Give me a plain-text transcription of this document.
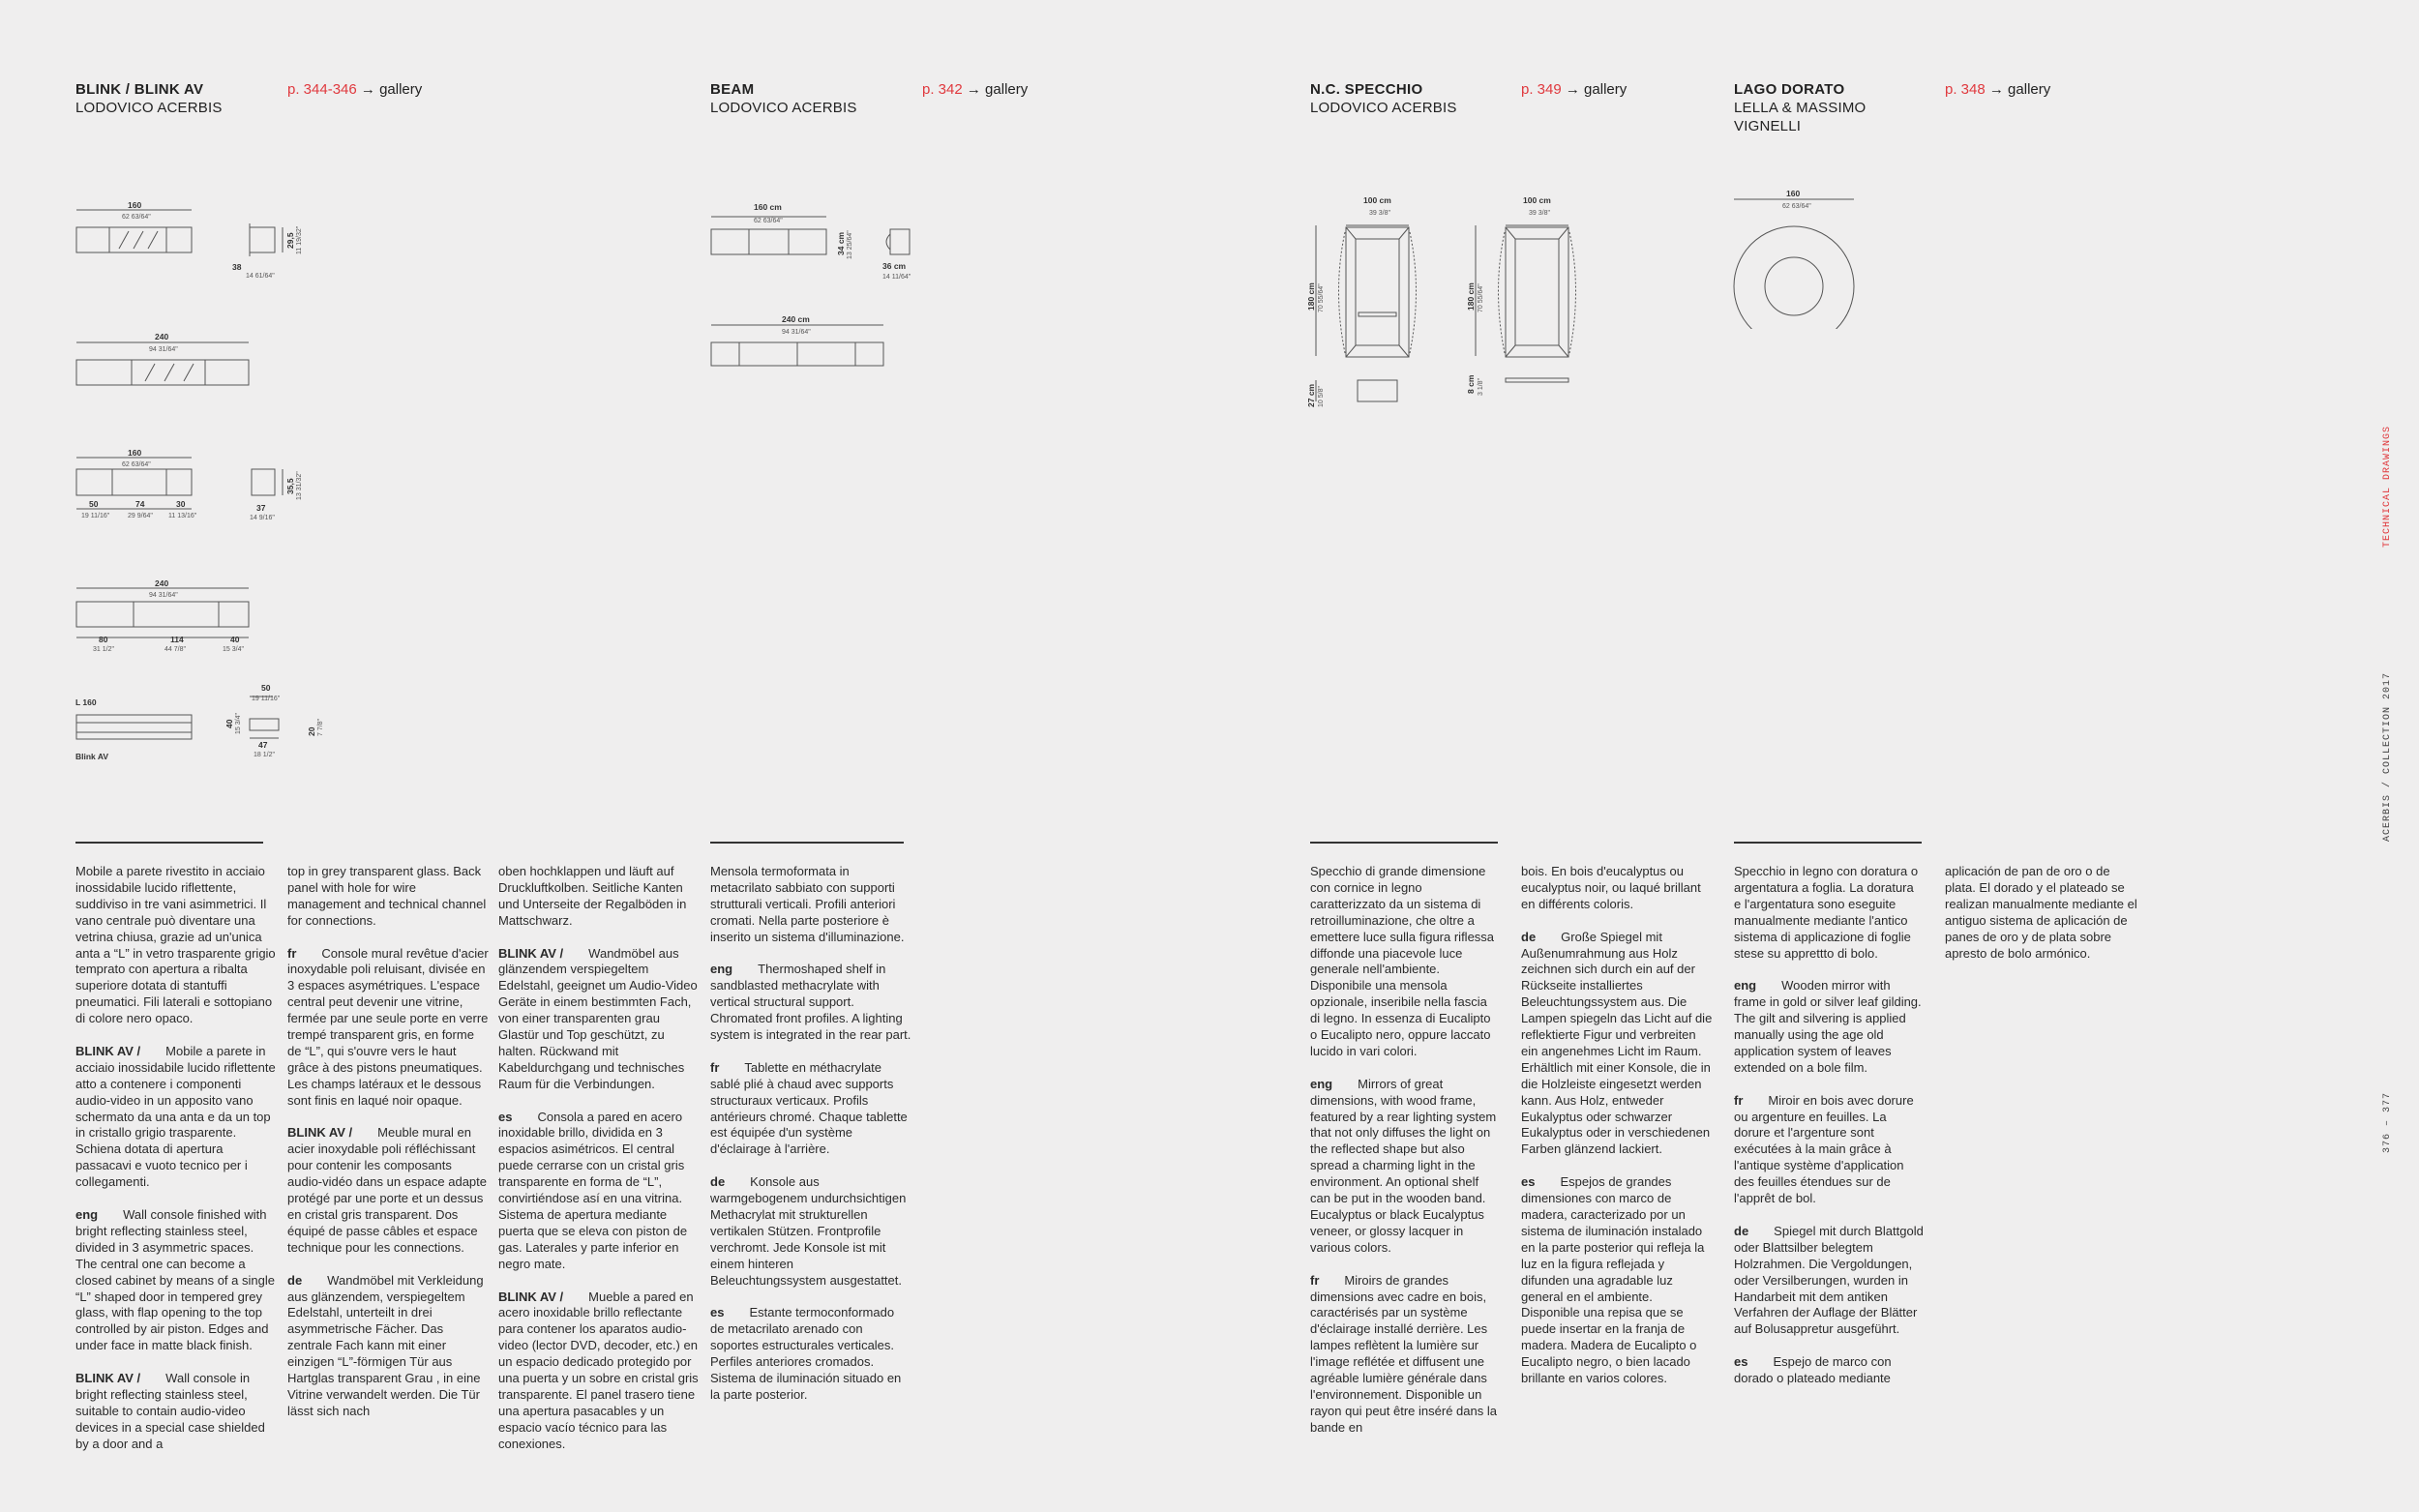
BLINK / BLINK AV
LODOVICO ACERBIS
p. 344-346 → gallery	BEAM
LODOVICO ACERBIS
p. 342 → gallery	N.C. SPECCHIO
LODOVICO ACERBIS
p. 349 → gallery	LAGO DORATO
LELLA & MASSIMO VIGNELLI
p. 348 → gallery
TECHNICAL DRAWINGS
ACERBIS / COLLECTION 2017
376 – 377
160
38
240
160
50	74	30	37
240
80	114	40
L 160
Blink AV
50
47
62 63/64"
14 61/64"
94 31/64"
62 63/64"
19 11/16"	29 9/64" 11 13/16"	14 9/16"
94 31/64"
31 1/2"	44 7/8"	15 3/4"
19 11/16"
18 1/2"
29,5
35,5
40
20
11 19/32"
13 31/32"
15 3/4"	7 7/8"
160 cm
36 cm
240 cm
34 cm
62 63/64"
14 11/64"
94 31/64"
13 25/64"
100 cm	100 cm
180 cm
27 cm
180 cm
8 cm
39 3/8"	39 3/8"
70 55/64"
10 5/8"
70 55/64"
3 1/8"
160
62 63/64"

Mobile a parete rivestito in acciaio inossidabile lucido riflettente, suddiviso in tre vani asimmetrici. Il vano centrale può diventare una vetrina chiusa, grazie ad un'unica anta a “L” in vetro trasparente grigio temprato con apertura a ribalta superiore dotata di stantuffi pneumatici. Fili laterali e sottopiano di colore nero opaco.

BLINK AV /   Mobile a parete in acciaio inossidabile lucido riflettente atto a contenere i componenti audio-video in un apposito vano schermato da una anta e da un top in cristallo grigio trasparente. Schiena dotata di apertura passacavi e vuoto tecnico per i collegamenti.

eng   Wall console finished with bright reflecting stainless steel, divided in 3 asymmetric spaces. The central one can become a closed cabinet by means of a single “L” shaped door in tempered grey glass, with flap opening to the top controlled by air piston. Edges and under face in matte black finish.

BLINK AV /   Wall console in bright reflecting stainless steel, suitable to contain audio-video devices in a special case shielded by a door and a

top in grey transparent glass. Back panel with hole for wire management and technical channel for connections.

fr   Console mural revêtue d'acier inoxydable poli reluisant, divisée en 3 espaces asymétriques. L'espace central peut devenir une vitrine, fermée par une seule porte en verre trempé transparent gris, en forme de “L”, qui s'ouvre vers le haut grâce à des pistons pneumatiques. Les champs latéraux et le dessous sont finis en laqué noir opaque.

BLINK AV /   Meuble mural en acier inoxydable poli réfléchissant pour contenir les composants audio-vidéo dans un espace adapte protégé par une porte et un dessus en cristal gris transparent. Dos équipé de passe câbles et espace technique pour les connections.

de   Wandmöbel mit Verkleidung aus glänzendem, verspiegeltem Edelstahl, unterteilt in drei asymmetrische Fächer. Das zentrale Fach kann mit einer einzigen “L”-förmigen Tür aus Hartglas transparent Grau , in eine Vitrine verwandelt werden. Die Tür lässt sich nach

oben hochklappen und läuft auf Druckluftkolben. Seitliche Kanten und Unterseite der Regalböden in Mattschwarz.

BLINK AV /   Wandmöbel aus glänzendem verspiegeltem Edelstahl, geeignet um Audio-Video Geräte in einem bestimmten Fach, von einer transparenten grau Glastür und Top geschützt, zu halten. Rückwand mit Kabeldurchgang und technisches Raum für die Verbindungen.

es   Consola a pared en acero inoxidable brillo, dividida en 3 espacios asimétricos. El central puede cerrarse con un cristal gris transparente en forma de “L”, convirtiéndose así en una vitrina. Sistema de apertura mediante puerta que se eleva con piston de gas. Laterales y parte inferior en negro mate.

BLINK AV /   Mueble a pared en acero inoxidable brillo reflectante para contener los aparatos audio-video (lector DVD, decoder, etc.) en un espacio dedicado protegido por una puerta y un sobre en cristal gris transparente. El panel trasero tiene una apertura pasacables y un espacio vacío técnico para las conexiones.

Mensola termoformata in metacrilato sabbiato con supporti strutturali verticali. Profili anteriori cromati. Nella parte posteriore è inserito un sistema d'illuminazione.

eng   Thermoshaped shelf in sandblasted methacrylate with vertical structural support. Chromated front profiles. A lighting system is integrated in the rear part.

fr   Tablette en méthacrylate sablé plié à chaud avec supports structuraux verticaux. Profils antérieurs chromé. Chaque tablette est équipée d'un système d'éclairage à l'arrière.

de   Konsole aus warmgebogenem undurchsichtigen Methacrylat mit strukturellen vertikalen Stützen. Frontprofile verchromt. Jede Konsole ist mit einem hinteren Beleuchtungssystem ausgestattet.

es   Estante termoconformado de metacrilato arenado con soportes estructurales verticales. Perfiles anteriores cromados. Sistema de iluminación situado en la parte posterior.

Specchio di grande dimensione con cornice in legno caratterizzato da un sistema di retroilluminazione, che oltre a emettere luce sulla figura riflessa diffonde una piacevole luce generale nell'ambiente. Disponibile una mensola opzionale, inseribile nella fascia di legno. In essenza di Eucalipto o Eucalipto nero, oppure laccato lucido in vari colori.

eng   Mirrors of great dimensions, with wood frame, featured by a rear lighting system that not only diffuses the light on the reflected shape but also spread a charming light in the environment. An optional shelf can be put in the wooden band. Eucalyptus or black Eucalyptus veneer, or glossy lacquer in various colors.

fr   Miroirs de grandes dimensions avec cadre en bois, caractérisés par un système d'éclairage installé derrière. Les lampes reflètent la lumière sur l'image reflétée et diffusent une agréable lumière générale dans l'environnement. Disponible un rayon qui peut être inséré dans la bande en

bois. En bois d'eucalyptus ou eucalyptus noir, ou laqué brillant en différents coloris.

de   Große Spiegel mit Außenumrahmung aus Holz zeichnen sich durch ein auf der Rückseite installiertes Beleuchtungssystem aus. Die Lampen spiegeln das Licht auf die reflektierte Figur und verbreiten ein angenehmes Licht im Raum. Erhältlich mit einer Konsole, die in die Holzleiste eingesetzt werden kann. Aus Holz, entweder Eukalyptus oder schwarzer Eukalyptus oder in verschiedenen Farben glänzend lackiert.

es   Espejos de grandes dimensiones con marco de madera, caracterizado por un sistema de iluminación instalado en la parte posterior qui refleja la luz en la figura reflejada y difunden una agradable luz general en el ambiente. Disponible una repisa que se puede insertar en la franja de madera. Madera de Eucalipto o Eucalipto negro, o bien lacado brillante en varios colores.

Specchio in legno con doratura o argentatura a foglia. La doratura e l'argentatura sono eseguite manualmente mediante l'antico sistema di applicazione di foglie stese su apprettto di bolo.

eng   Wooden mirror with frame in gold or silver leaf gilding. The gilt and silvering is applied manually using the age old application system of leaves extended on a bole film.

fr   Miroir en bois avec dorure ou argenture en feuilles. La dorure et l'argenture sont exécutées à la main grâce à l'antique système d'application des feuilles étendues sur de l'apprêt de bol.

de   Spiegel mit durch Blattgold oder Blattsilber belegtem Holzrahmen. Die Vergoldungen, oder Versilberungen, wurden in Handarbeit mit dem antiken Verfahren der Auflage der Blätter auf Bolusappretur ausgeführt.

es   Espejo de marco con dorado o plateado mediante

aplicación de pan de oro o de plata. El dorado y el plateado se realizan manualmente mediante el antiguo sistema de aplicación de panes de oro y de plata sobre apresto de bolo armónico.
